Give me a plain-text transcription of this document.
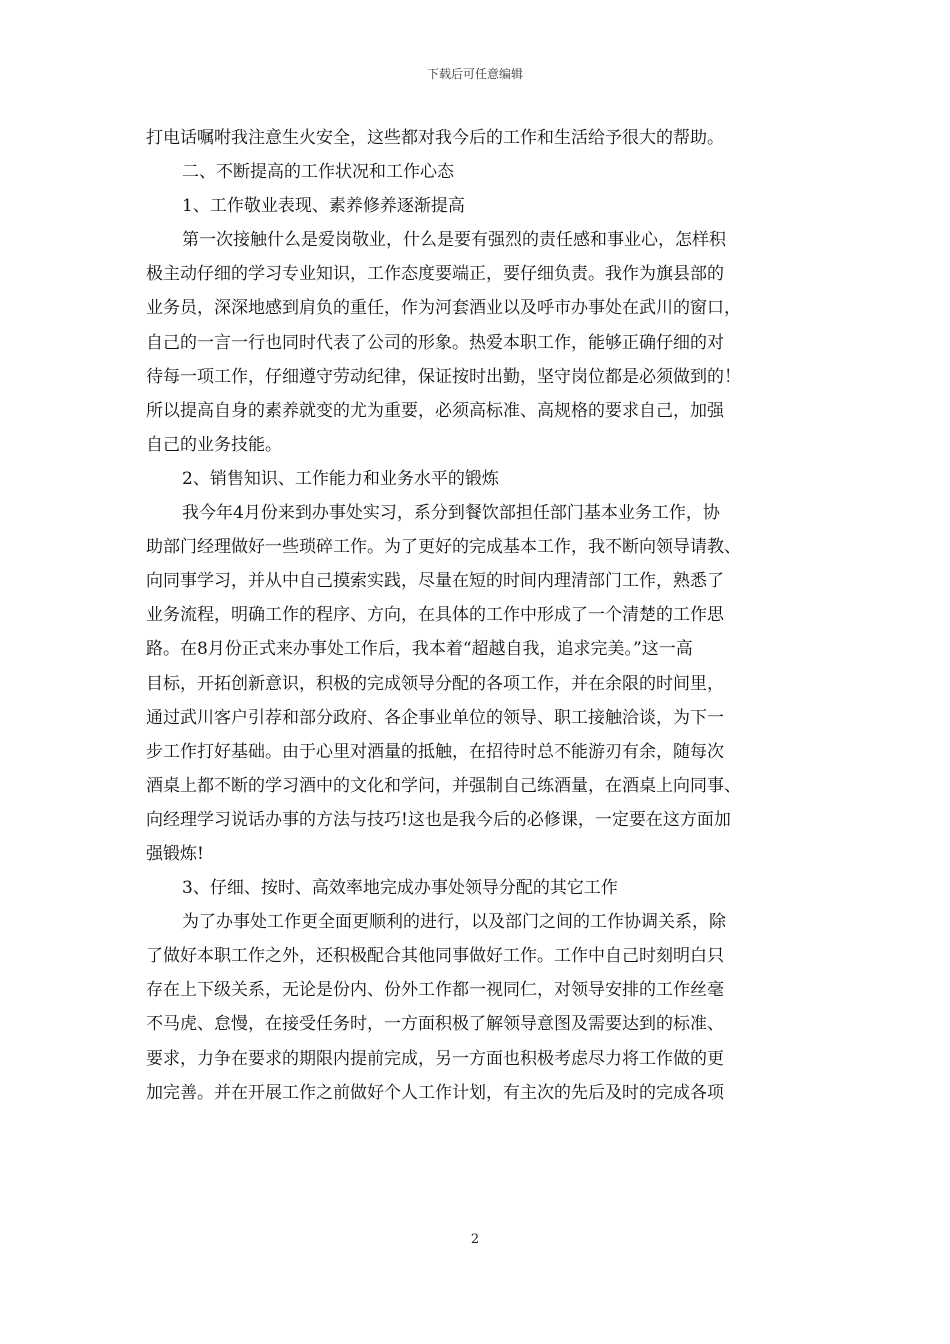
下载后可任意编辑
打电话嘱咐我注意生火安全，这些都对我今后的工作和生活给予很大的帮助。
二、不断提高的工作状况和工作心态
1、工作敬业表现、素养修养逐渐提高
第一次接触什么是爱岗敬业，什么是要有强烈的责任感和事业心，怎样积
极主动仔细的学习专业知识，工作态度要端正，要仔细负责。我作为旗县部的
业务员，深深地感到肩负的重任，作为河套酒业以及呼市办事处在武川的窗口，
自己的一言一行也同时代表了公司的形象。热爱本职工作，能够正确仔细的对
待每一项工作，仔细遵守劳动纪律，保证按时出勤，坚守岗位都是必须做到的！
所以提高自身的素养就变的尤为重要，必须高标准、高规格的要求自己，加强
自己的业务技能。
2、销售知识、工作能力和业务水平的锻炼
我今年4月份来到办事处实习，系分到餐饮部担任部门基本业务工作，协
助部门经理做好一些琐碎工作。为了更好的完成基本工作，我不断向领导请教、
向同事学习，并从中自己摸索实践，尽量在短的时间内理清部门工作，熟悉了
业务流程，明确工作的程序、方向，在具体的工作中形成了一个清楚的工作思
路。在8月份正式来办事处工作后，我本着“超越自我，追求完美。”这一高
目标，开拓创新意识，积极的完成领导分配的各项工作，并在余限的时间里，
通过武川客户引荐和部分政府、各企事业单位的领导、职工接触洽谈，为下一
步工作打好基础。由于心里对酒量的抵触，在招待时总不能游刃有余，随每次
酒桌上都不断的学习酒中的文化和学问，并强制自己练酒量，在酒桌上向同事、
向经理学习说话办事的方法与技巧!这也是我今后的必修课，一定要在这方面加
强锻炼!
3、仔细、按时、高效率地完成办事处领导分配的其它工作
为了办事处工作更全面更顺利的进行，以及部门之间的工作协调关系，除
了做好本职工作之外，还积极配合其他同事做好工作。工作中自己时刻明白只
存在上下级关系，无论是份内、份外工作都一视同仁，对领导安排的工作丝毫
不马虎、怠慢，在接受任务时，一方面积极了解领导意图及需要达到的标准、
要求，力争在要求的期限内提前完成，另一方面也积极考虑尽力将工作做的更
加完善。并在开展工作之前做好个人工作计划，有主次的先后及时的完成各项
2
